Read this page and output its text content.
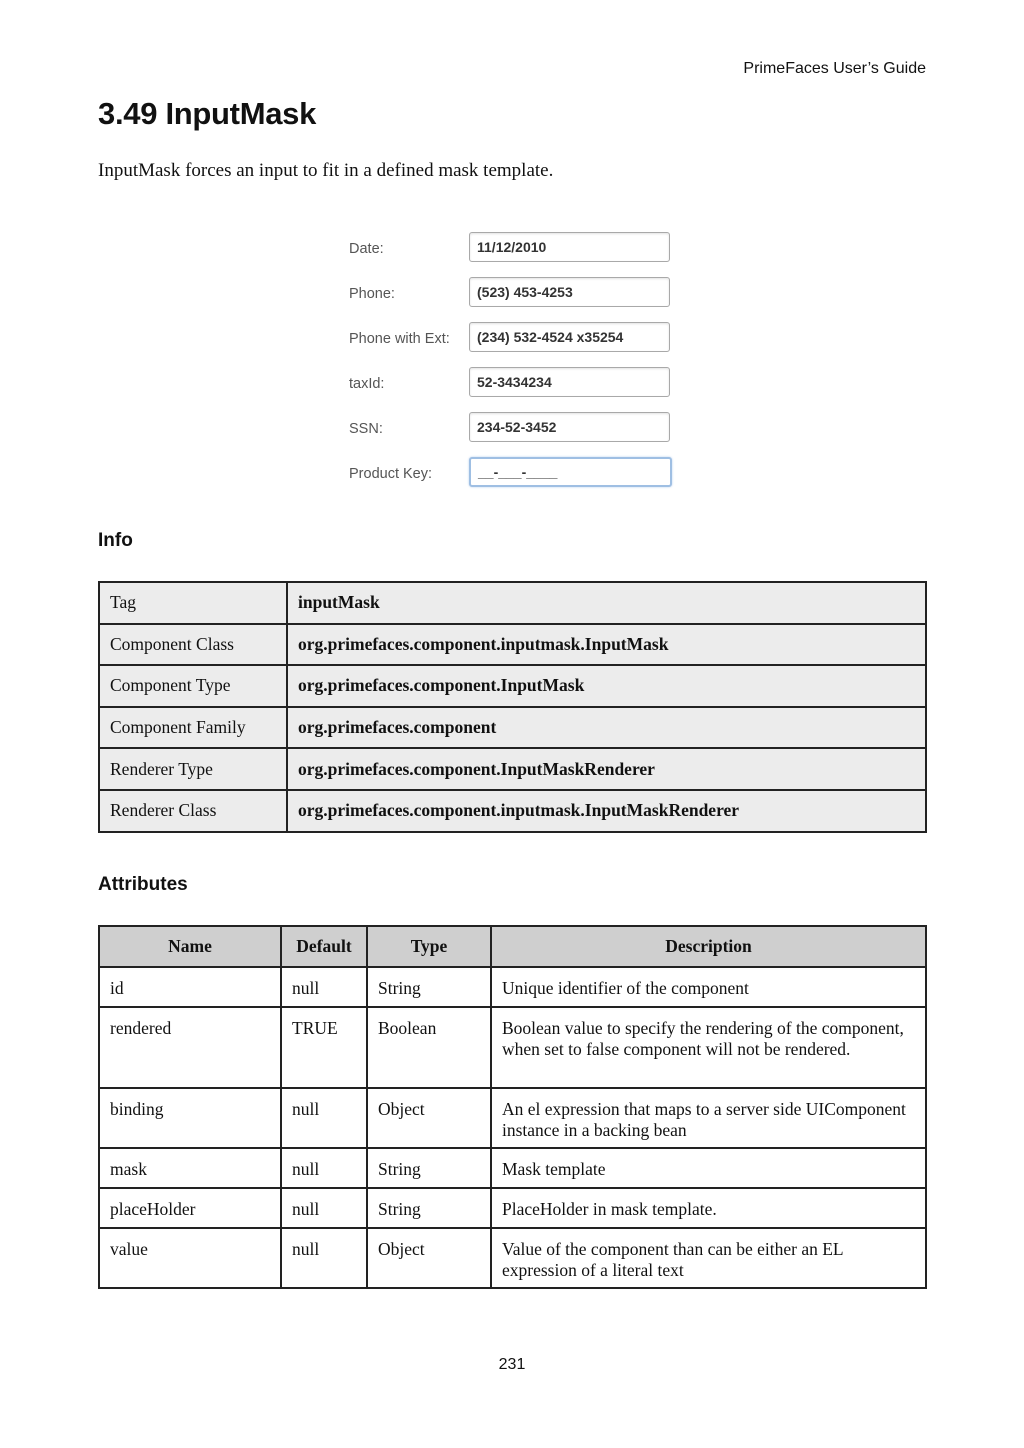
PrimeFaces User’s Guide
3.49 InputMask

InputMask forces an input to fit in a defined mask template.

Date:	11/12/2010
Phone:	(523) 453-4253
Phone with Ext:	(234) 532-4524 x35254
taxId:	52-3434234
SSN:	234-52-3452
Product Key:	__-___-____
Info
Tag	inputMask
Component Class	org.primefaces.component.inputmask.InputMask
Component Type	org.primefaces.component.InputMask
Component Family	org.primefaces.component
Renderer Type	org.primefaces.component.InputMaskRenderer
Renderer Class	org.primefaces.component.inputmask.InputMaskRenderer
Attributes
Name	Default	Type	Description
id	null	String	Unique identifier of the component
rendered	TRUE	Boolean	Boolean value to specify the rendering of the component, when set to false component will not be rendered.
binding	null	Object	An el expression that maps to a server side UIComponent instance in a backing bean
mask	null	String	Mask template
placeHolder	null	String	PlaceHolder in mask template.
value	null	Object	Value of the component than can be either an EL expression of a literal text
231
